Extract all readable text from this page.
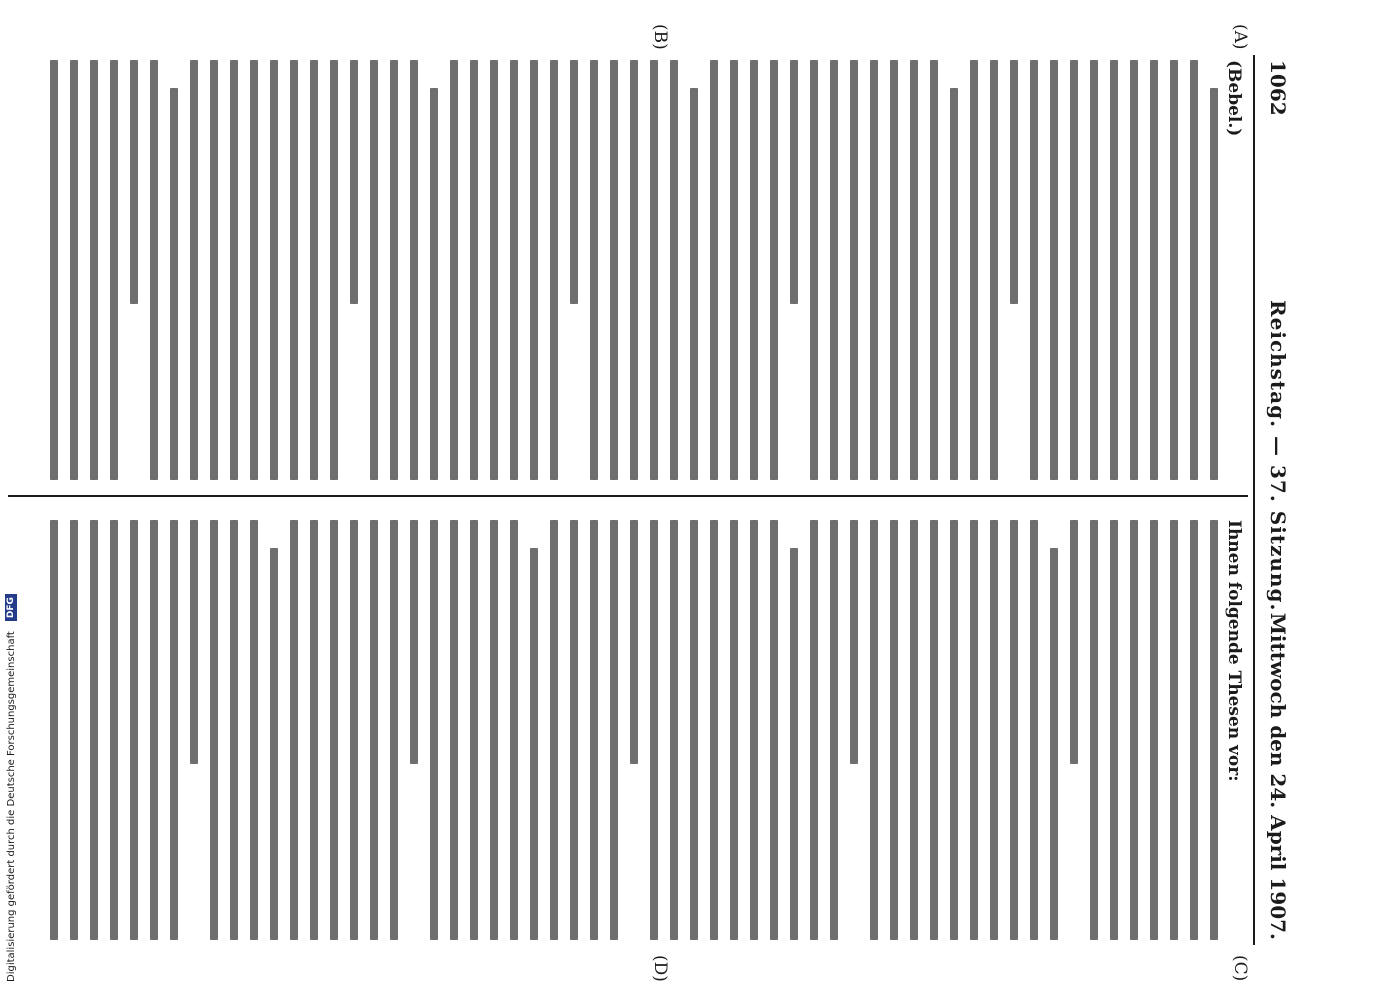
1062
Reichstag. — 37. Sitzung.
Mittwoch den 24. April 1907.
(A)
(B)
(C)
(D)
(Bebel.)
Ihnen folgende Thesen vor:
Digitalisierung gefördert durch die Deutsche Forschungsgemeinschaft
DFG
